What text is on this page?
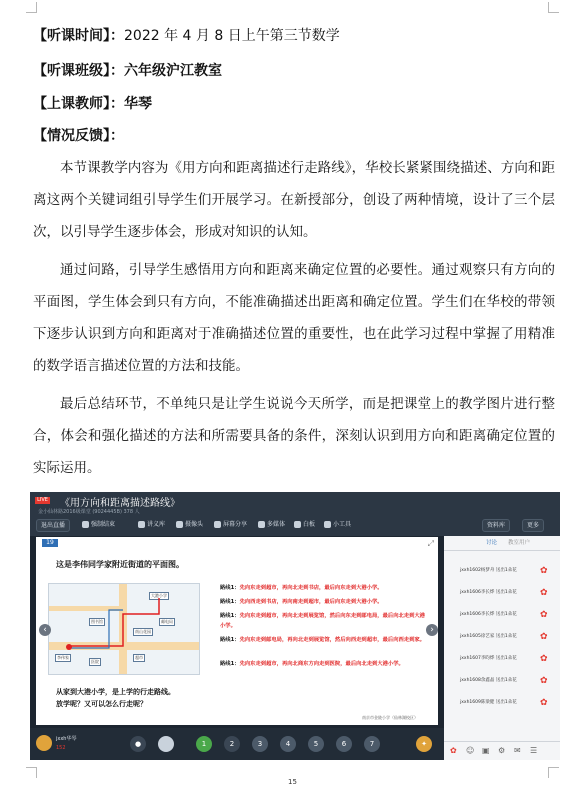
【听课时间】：2022 年 4 月 8 日上午第三节数学
【听课班级】：六年级沪江教室
【上课教师】：华琴
【情况反馈】：
本节课教学内容为《用方向和距离描述行走路线》，华校长紧紧围绕描述、方向和距离这两个关键词组引导学生们开展学习。在新授部分，创设了两种情境，设计了三个层次，以引导学生逐步体会，形成对知识的认知。
通过问路，引导学生感悟用方向和距离来确定位置的必要性。通过观察只有方向的平面图，学生体会到只有方向，不能准确描述出距离和确定位置。学生们在华校的带领下逐步认识到方向和距离对于准确描述位置的重要性，也在此学习过程中掌握了用精准的数学语言描述位置的方法和技能。
最后总结环节，不单纯只是让学生说说今天所学，而是把课堂上的教学图片进行整合，体会和强化描述的方法和所需要具备的条件，深刻认识到用方向和距离确定位置的实际运用。
LIVE 《用方向和距离描述路线》
金小仙林路2016级课堂 (9024445B) 378 人
退出直播	强制结束	讲义库	摄像头	屏幕分享	多媒体	白板	小工具	资料库	更多
19	⤢
这是李伟同学家附近街道的平面图。
大港小学
图书馆	邮电局
超市
南山花园
李伟家
医院
路线1：先向东走到超市，再向北走到书店，最后向东走到大港小学。
路线1：先向西走到书店，再向南走到超市，最后向东走到大港小学。
路线1：先向东走到超市，再向北走到展览馆，然后向东走到邮电局，最后向北走到大港小学。
路线1：先向东走到邮电局，再向北走到展览馆，然后向西走到超市，最后向西走到家。
路线1：先向东走到超市，再向北商东方向走到医院，最后向北走到大港小学。
从家到大港小学，是上学的行走路线。
放学呢？又可以怎么行走呢？
南京市金陵小学（仙林湖校区）
‹	›
jxxh华琴
152	●	1	2	3	4	5	6	7	✦
讨论 教室用户
jxxh1602杨梦舟 送出1朵花	✿
jxxh1606李长烨 送出1朵花	✿
jxxh1606李长烨 送出1朵花	✿
jxxh1605徐艺家 送出1朵花	✿
jxxh1607李昀烨 送出1朵花	✿
jxxh1608余鑫晶 送出1朵花	✿
jxxh1609陈梁健 送出1朵花	✿
✿ ☺ ▣ ⚙ ✉ ☰
15
